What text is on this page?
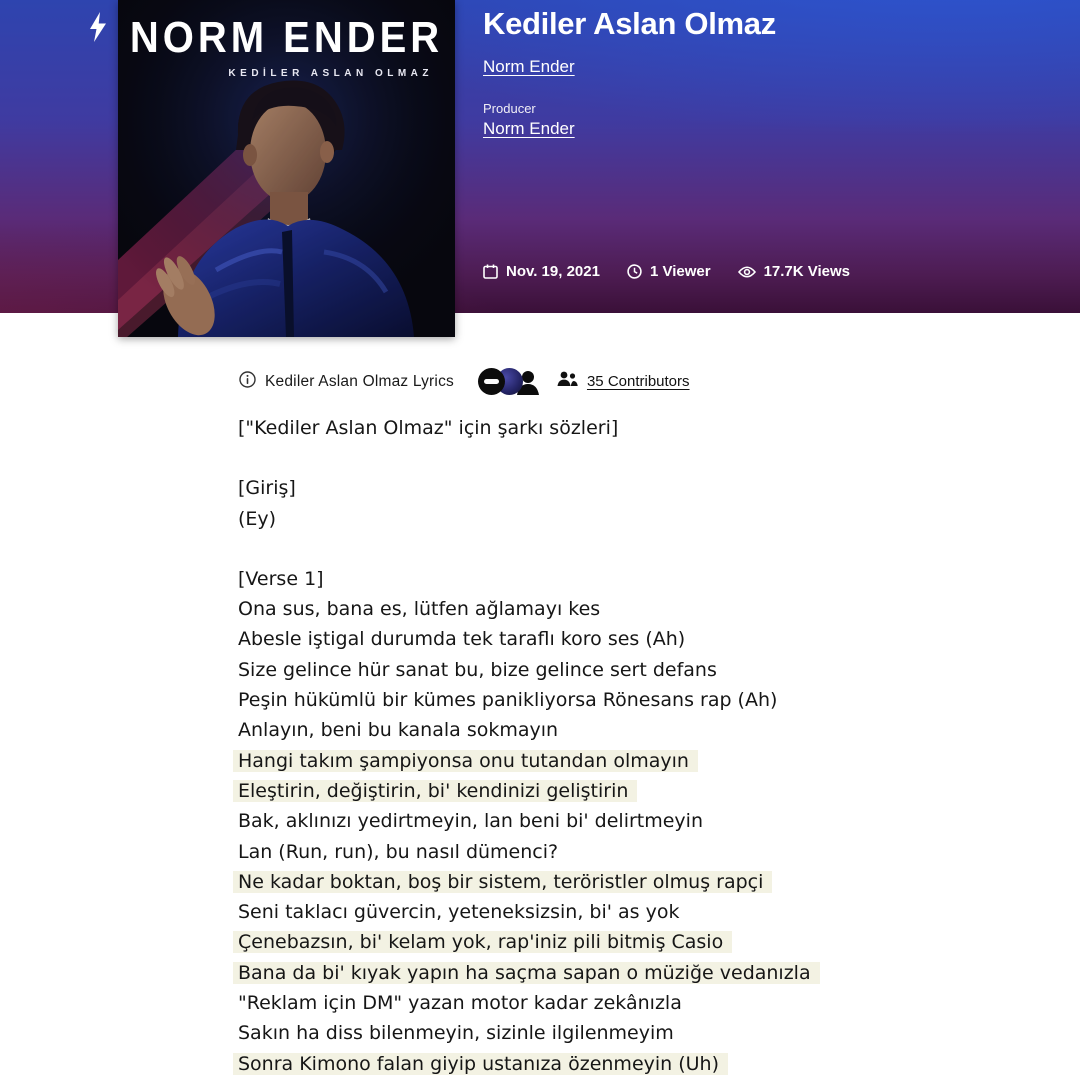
NORM ENDER
KEDİLER ASLAN OLMAZ
Kediler Aslan Olmaz
Norm Ender
Producer
Norm Ender
Nov. 19, 2021	1 Viewer	17.7K Views
Kediler Aslan Olmaz Lyrics	35 Contributors
["Kediler Aslan Olmaz" için şarkı sözleri]
[Giriş]
(Ey)
[Verse 1]
Ona sus, bana es, lütfen ağlamayı kes
Abesle iştigal durumda tek taraflı koro ses (Ah)
Size gelince hür sanat bu, bize gelince sert defans
Peşin hükümlü bir kümes panikliyorsa Rönesans rap (Ah)
Anlayın, beni bu kanala sokmayın
Hangi takım şampiyonsa onu tutandan olmayın
Eleştirin, değiştirin, bi' kendinizi geliştirin
Bak, aklınızı yedirtmeyin, lan beni bi' delirtmeyin
Lan (Run, run), bu nasıl dümenci?
Ne kadar boktan, boş bir sistem, teröristler olmuş rapçi
Seni taklacı güvercin, yeteneksizsin, bi' as yok
Çenebazsın, bi' kelam yok, rap'iniz pili bitmiş Casio
Bana da bi' kıyak yapın ha saçma sapan o müziğe vedanızla
"Reklam için DM" yazan motor kadar zekânızla
Sakın ha diss bilenmeyin, sizinle ilgilenmeyim
Sonra Kimono falan giyip ustanıza özenmeyin (Uh)
